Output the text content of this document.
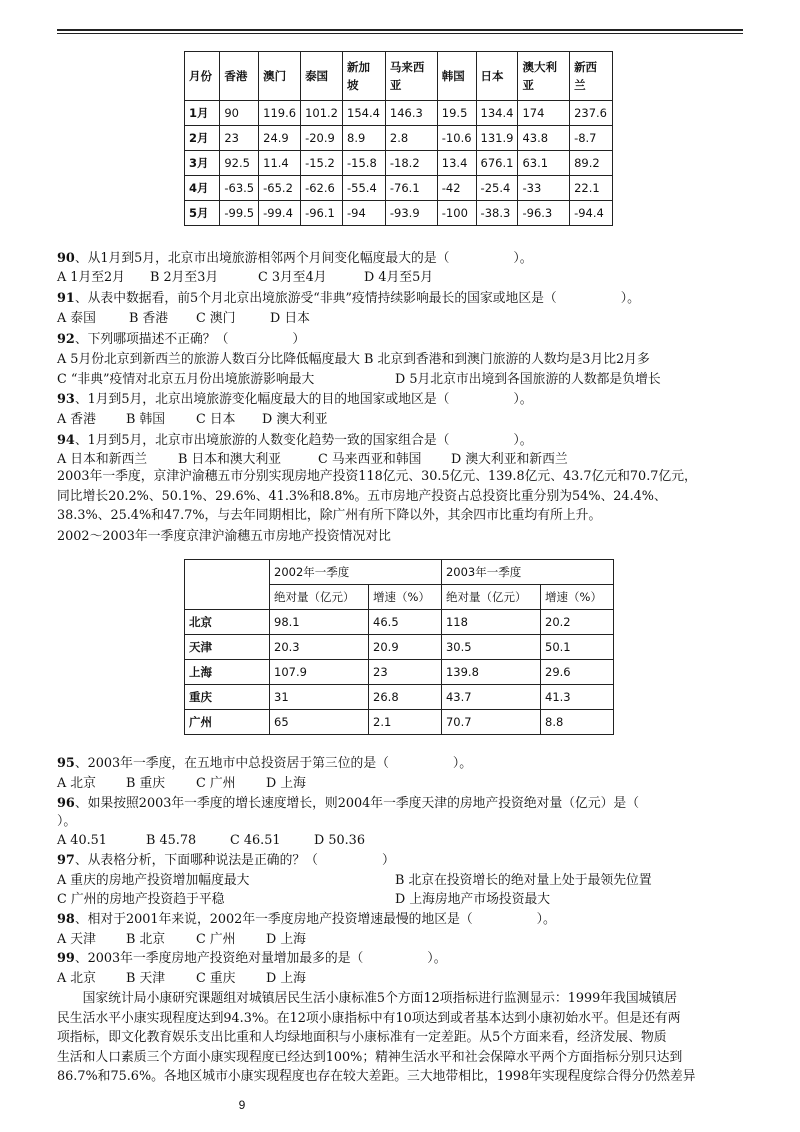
月份	香港	澳门	泰国	新加坡	马来西亚	韩国	日本	澳大利亚	新西兰
1月	90	119.6	101.2	154.4	146.3	19.5	134.4	174	237.6
2月	23	24.9	-20.9	8.9	2.8	-10.6	131.9	43.8	-8.7
3月	92.5	11.4	-15.2	-15.8	-18.2	13.4	676.1	63.1	89.2
4月	-63.5	-65.2	-62.6	-55.4	-76.1	-42	-25.4	-33	22.1
5月	-99.5	-99.4	-96.1	-94	-93.9	-100	-38.3	-96.3	-94.4
90、从1月到5月，北京市出境旅游相邻两个月间变化幅度最大的是（　　　　　）。
A 1月至2月 B 2月至3月	C 3月至4月	D 4月至5月
91、从表中数据看，前5个月北京出境旅游受“非典”疫情持续影响最长的国家或地区是（　　　　　）。
A 泰国	B 香港 C 澳门	D 日本
92、下列哪项描述不正确？（　　　　　）
A 5月份北京到新西兰的旅游人数百分比降低幅度最大 B 北京到香港和到澳门旅游的人数均是3月比2月多
C “非典”疫情对北京五月份出境旅游影响最大	D 5月北京市出境到各国旅游的人数都是负增长
93、1月到5月，北京出境旅游变化幅度最大的目的地国家或地区是（　　　　　）。
A 香港 B 韩国 C 日本 D 澳大利亚
94、1月到5月，北京市出境旅游的人数变化趋势一致的国家组合是（　　　　　）。
A 日本和新西兰 B 日本和澳大利亚	C 马来西亚和韩国 D 澳大利亚和新西兰
2003年一季度，京津沪渝穗五市分别实现房地产投资118亿元、30.5亿元、139.8亿元、43.7亿元和70.7亿元，
同比增长20.2%、50.1%、29.6%、41.3%和8.8%。五市房地产投资占总投资比重分别为54%、24.4%、
38.3%、25.4%和47.7%，与去年同期相比，除广州有所下降以外，其余四市比重均有所上升。
2002～2003年一季度京津沪渝穗五市房地产投资情况对比
	2002年一季度		2003年一季度	
	绝对量（亿元）	增速（%）	绝对量（亿元）	增速（%）
北京	98.1	46.5	118	20.2
天津	20.3	20.9	30.5	50.1
上海	107.9	23	139.8	29.6
重庆	31	26.8	43.7	41.3
广州	65	2.1	70.7	8.8
95、2003年一季度，在五地市中总投资居于第三位的是（　　　　　）。
A 北京 B 重庆 C 广州 D 上海
96、如果按照2003年一季度的增长速度增长，则2004年一季度天津的房地产投资绝对量（亿元）是（
）。
A 40.51	B 45.78	C 46.51	D 50.36
97、从表格分析，下面哪种说法是正确的？（　　　　　）
A 重庆的房地产投资增加幅度最大	B 北京在投资增长的绝对量上处于最领先位置
C 广州的房地产投资趋于平稳	D 上海房地产市场投资最大
98、相对于2001年来说，2002年一季度房地产投资增速最慢的地区是（　　　　　）。
A 天津 B 北京 C 广州 D 上海
99、2003年一季度房地产投资绝对量增加最多的是（　　　　　）。
A 北京 B 天津 C 重庆 D 上海
　　国家统计局小康研究课题组对城镇居民生活小康标准5个方面12项指标进行监测显示：1999年我国城镇居
民生活水平小康实现程度达到94.3%。在12项小康指标中有10项达到或者基本达到小康初始水平。但是还有两
项指标，即文化教育娱乐支出比重和人均绿地面积与小康标准有一定差距。从5个方面来看，经济发展、物质
生活和人口素质三个方面小康实现程度已经达到100%；精神生活水平和社会保障水平两个方面指标分别只达到
86.7%和75.6%。各地区城市小康实现程度也存在较大差距。三大地带相比，1998年实现程度综合得分仍然差异
9
